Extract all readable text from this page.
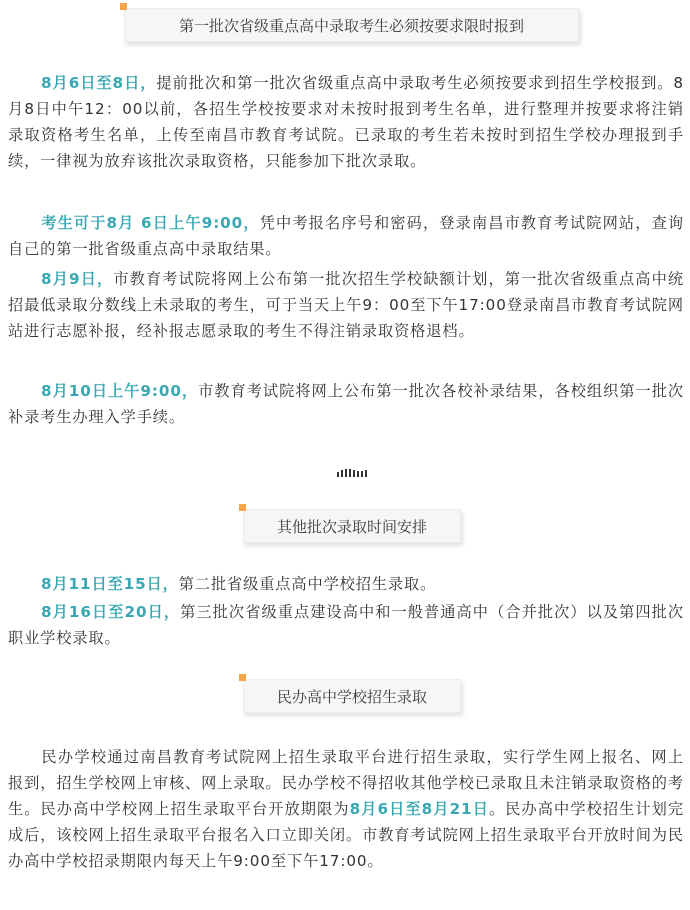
第一批次省级重点高中录取考生必须按要求限时报到
8月6日至8日，提前批次和第一批次省级重点高中录取考生必须按要求到招生学校报到。8月8日中午12：00以前，各招生学校按要求对未按时报到考生名单，进行整理并按要求将注销录取资格考生名单，上传至南昌市教育考试院。已录取的考生若未按时到招生学校办理报到手续，一律视为放弃该批次录取资格，只能参加下批次录取。
考生可于8月 6日上午9:00，凭中考报名序号和密码，登录南昌市教育考试院网站，查询自己的第一批省级重点高中录取结果。
8月9日，市教育考试院将网上公布第一批次招生学校缺额计划，第一批次省级重点高中统招最低录取分数线上未录取的考生，可于当天上午9：00至下午17:00登录南昌市教育考试院网站进行志愿补报，经补报志愿录取的考生不得注销录取资格退档。
8月10日上午9:00，市教育考试院将网上公布第一批次各校补录结果，各校组织第一批次补录考生办理入学手续。
其他批次录取时间安排
8月11日至15日，第二批省级重点高中学校招生录取。
8月16日至20日，第三批次省级重点建设高中和一般普通高中（合并批次）以及第四批次职业学校录取。
民办高中学校招生录取
民办学校通过南昌教育考试院网上招生录取平台进行招生录取，实行学生网上报名、网上报到，招生学校网上审核、网上录取。民办学校不得招收其他学校已录取且未注销录取资格的考生。民办高中学校网上招生录取平台开放期限为8月6日至8月21日。民办高中学校招生计划完成后，该校网上招生录取平台报名入口立即关闭。市教育考试院网上招生录取平台开放时间为民办高中学校招录期限内每天上午9:00至下午17:00。
